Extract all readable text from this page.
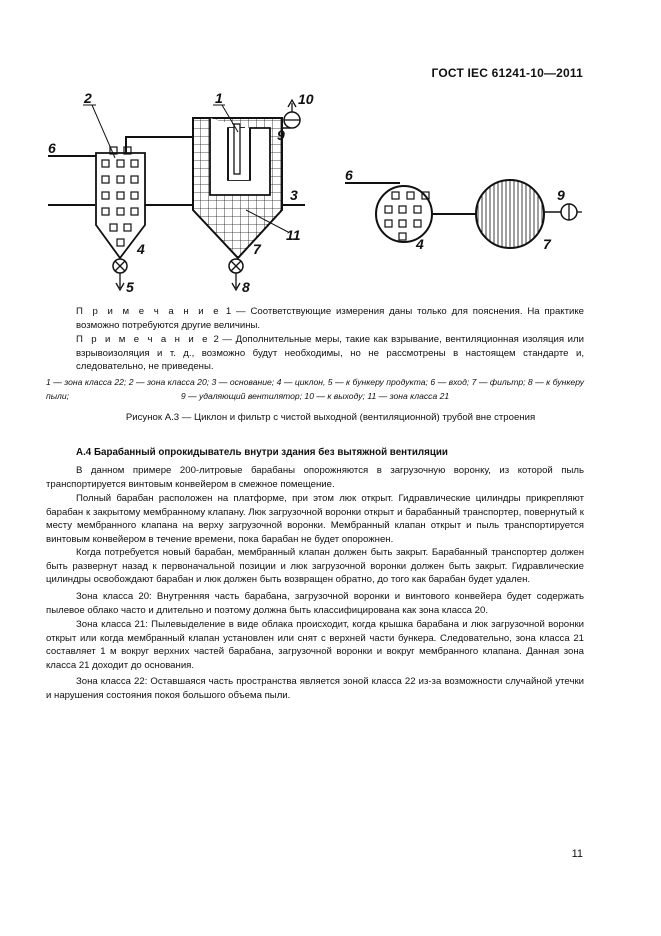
ГОСТ IEC 61241-10—2011
2	1	10
9
6
3
11
4	7
5	8
6
4	7
9
П р и м е ч а н и е 1 — Соответствующие измерения даны только для пояснения. На практике возможно потребуются другие величины.
П р и м е ч а н и е 2 — Дополнительные меры, такие как взрывание, вентиляционная изоляция или взрывоизоляция и т. д., возможно будут необходимы, но не рассмотрены в настоящем стандарте и, следовательно, не приведены.
1 — зона класса 22; 2 — зона класса 20; 3 — основание; 4 — циклон, 5 — к бункеру продукта; 6 — вход; 7 — фильтр; 8 — к бункеру пыли;	9 — удаляющий вентилятор; 10 — к выходу; 11 — зона класса 21
Рисунок А.3 — Циклон и фильтр с чистой выходной (вентиляционной) трубой вне строения
А.4 Барабанный опрокидыватель внутри здания без вытяжной вентиляции
В данном примере 200-литровые барабаны опорожняются в загрузочную воронку, из которой пыль транспортируется винтовым конвейером в смежное помещение.
Полный барабан расположен на платформе, при этом люк открыт. Гидравлические цилиндры прикрепляют барабан к закрытому мембранному клапану. Люк загрузочной воронки открыт и барабанный транспортер, повернутый к месту мембранного клапана на верху загрузочной воронки. Мембранный клапан открыт и пыль транспортируется винтовым конвейером в течение времени, пока барабан не будет опорожнен.
Когда потребуется новый барабан, мембранный клапан должен быть закрыт. Барабанный транспортер должен быть развернут назад к первоначальной позиции и люк загрузочной воронки должен быть закрыт. Гидравлические цилиндры освобождают барабан и люк должен быть возвращен обратно, до того как барабан будет удален.
Зона класса 20: Внутренняя часть барабана, загрузочной воронки и винтового конвейера будет содержать пылевое облако часто и длительно и поэтому должна быть классифицирована как зона класса 20.
Зона класса 21: Пылевыделение в виде облака происходит, когда крышка барабана и люк загрузочной воронки открыт или когда мембранный клапан установлен или снят с верхней части бункера. Следовательно, зона класса 21 составляет 1 м вокруг верхних частей барабана, загрузочной воронки и вокруг мембранного клапана. Данная зона класса 21 доходит до основания.
Зона класса 22: Оставшаяся часть пространства является зоной класса 22 из-за возможности случайной утечки и нарушения состояния покоя большого объема пыли.
11
